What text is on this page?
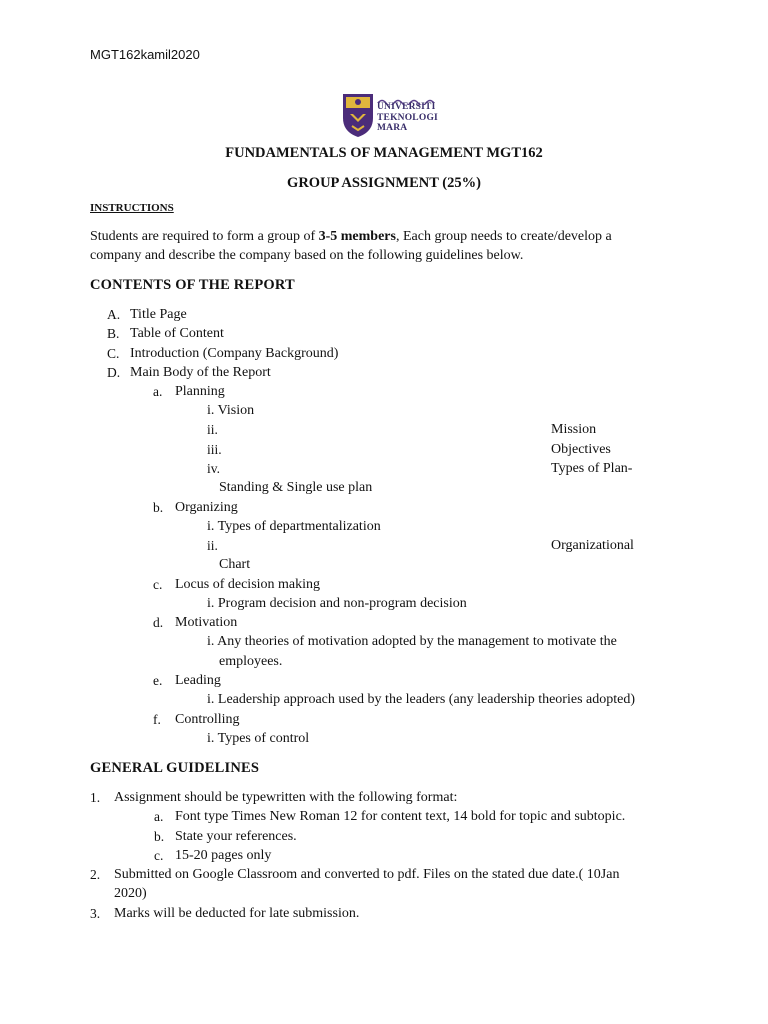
MGT162kamil2020
UNIVERSITI
TEKNOLOGI
MARA
FUNDAMENTALS OF MANAGEMENT MGT162
GROUP ASSIGNMENT (25%)
INSTRUCTIONS
Students are required to form a group of 3-5 members, Each group needs to create/develop a
company and describe the company based on the following guidelines below.
CONTENTS OF THE REPORT
A. Title Page
B. Table of Content
C. Introduction (Company Background)
D. Main Body of the Report
a. Planning
i. Vision
ii.	Mission
iii.	Objectives
iv.	Types of Plan-
Standing & Single use plan
b. Organizing
i. Types of departmentalization
ii.	Organizational
Chart
c. Locus of decision making
i. Program decision and non-program decision
d. Motivation
i. Any theories of motivation adopted by the management to motivate the
employees.
e. Leading
i. Leadership approach used by the leaders (any leadership theories adopted)
f. Controlling
i. Types of control
GENERAL GUIDELINES
1. Assignment should be typewritten with the following format:
a. Font type Times New Roman 12 for content text, 14 bold for topic and subtopic.
b. State your references.
c. 15-20 pages only
2. Submitted on Google Classroom and converted to pdf. Files on the stated due date.( 10Jan
2020)
3. Marks will be deducted for late submission.
